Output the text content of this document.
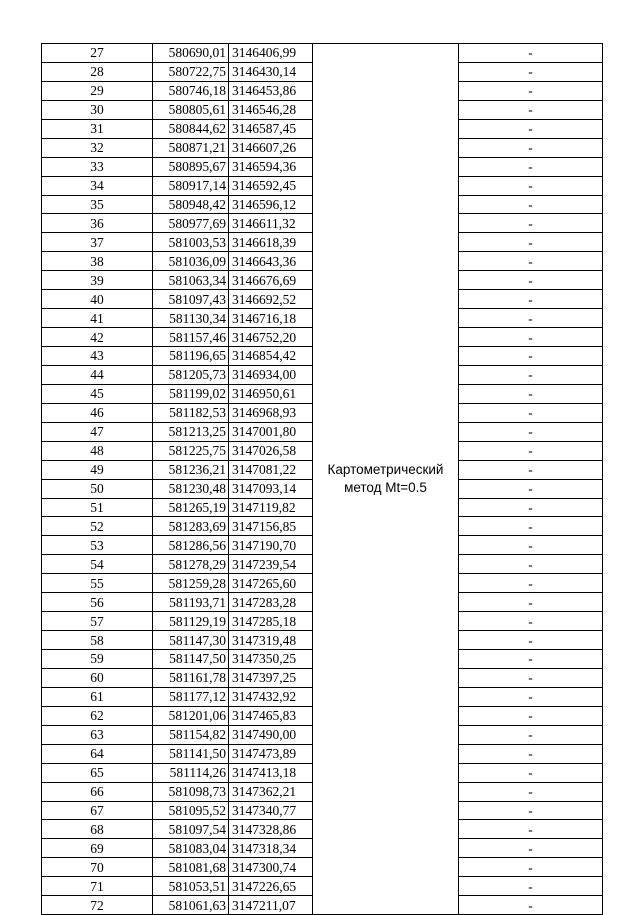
27	580690,01	3146406,99	Картометрический метод Mt=0.5	-
28	580722,75	3146430,14		-
29	580746,18	3146453,86		-
30	580805,61	3146546,28		-
31	580844,62	3146587,45		-
32	580871,21	3146607,26		-
33	580895,67	3146594,36		-
34	580917,14	3146592,45		-
35	580948,42	3146596,12		-
36	580977,69	3146611,32		-
37	581003,53	3146618,39		-
38	581036,09	3146643,36		-
39	581063,34	3146676,69		-
40	581097,43	3146692,52		-
41	581130,34	3146716,18		-
42	581157,46	3146752,20		-
43	581196,65	3146854,42		-
44	581205,73	3146934,00		-
45	581199,02	3146950,61		-
46	581182,53	3146968,93		-
47	581213,25	3147001,80		-
48	581225,75	3147026,58		-
49	581236,21	3147081,22		-
50	581230,48	3147093,14		-
51	581265,19	3147119,82		-
52	581283,69	3147156,85		-
53	581286,56	3147190,70		-
54	581278,29	3147239,54		-
55	581259,28	3147265,60		-
56	581193,71	3147283,28		-
57	581129,19	3147285,18		-
58	581147,30	3147319,48		-
59	581147,50	3147350,25		-
60	581161,78	3147397,25		-
61	581177,12	3147432,92		-
62	581201,06	3147465,83		-
63	581154,82	3147490,00		-
64	581141,50	3147473,89		-
65	581114,26	3147413,18		-
66	581098,73	3147362,21		-
67	581095,52	3147340,77		-
68	581097,54	3147328,86		-
69	581083,04	3147318,34		-
70	581081,68	3147300,74		-
71	581053,51	3147226,65		-
72	581061,63	3147211,07		-
